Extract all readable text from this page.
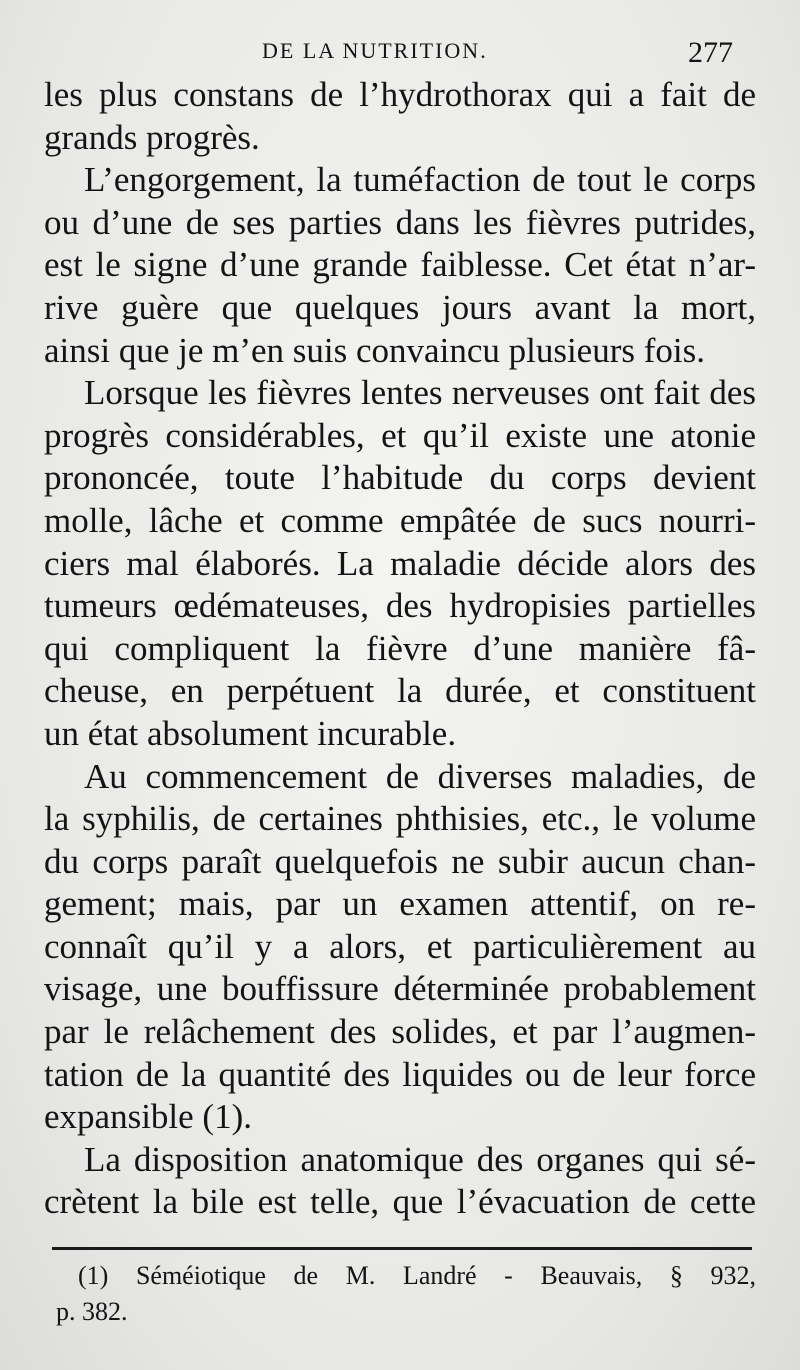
DE LA NUTRITION.	277
les plus constans de l’hydrothorax qui a fait de
grands progrès.
L’engorgement, la tuméfaction de tout le corps
ou d’une de ses parties dans les fièvres putrides,
est le signe d’une grande faiblesse. Cet état n’ar-
rive guère que quelques jours avant la mort,
ainsi que je m’en suis convaincu plusieurs fois.
Lorsque les fièvres lentes nerveuses ont fait des
progrès considérables, et qu’il existe une atonie
prononcée, toute l’habitude du corps devient
molle, lâche et comme empâtée de sucs nourri-
ciers mal élaborés. La maladie décide alors des
tumeurs œdémateuses, des hydropisies partielles
qui compliquent la fièvre d’une manière fâ-
cheuse, en perpétuent la durée, et constituent
un état absolument incurable.
Au commencement de diverses maladies, de
la syphilis, de certaines phthisies, etc., le volume
du corps paraît quelquefois ne subir aucun chan-
gement; mais, par un examen attentif, on re-
connaît qu’il y a alors, et particulièrement au
visage, une bouffissure déterminée probablement
par le relâchement des solides, et par l’augmen-
tation de la quantité des liquides ou de leur force
expansible (1).
La disposition anatomique des organes qui sé-
crètent la bile est telle, que l’évacuation de cette
(1) Séméiotique de M. Landré - Beauvais, § 932,
p. 382.
